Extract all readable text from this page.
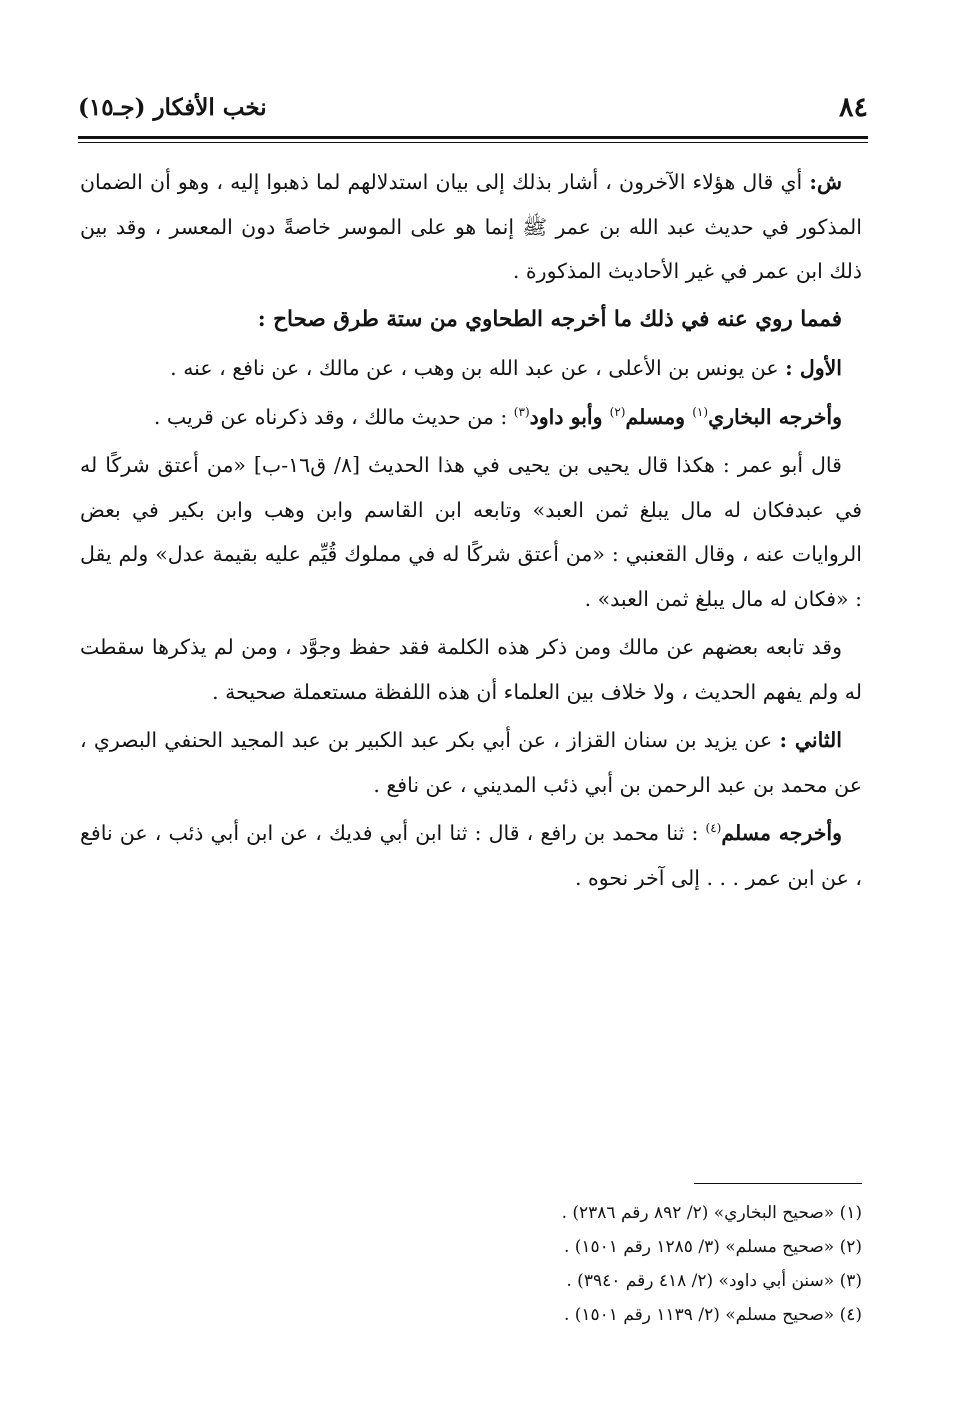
٨٤
نخب الأفكار (جـ١٥)

ش: أي قال هؤلاء الآخرون ، أشار بذلك إلى بيان استدلالهم لما ذهبوا إليه ، وهو أن الضمان المذكور في حديث عبد الله بن عمر ﷺ إنما هو على الموسر خاصةً دون المعسر ، وقد بين ذلك ابن عمر في غير الأحاديث المذكورة .

فمما روي عنه في ذلك ما أخرجه الطحاوي من ستة طرق صحاح :

الأول : عن يونس بن الأعلى ، عن عبد الله بن وهب ، عن مالك ، عن نافع ، عنه .

وأخرجه البخاري$^{(١)}$ ومسلم$^{(٢)}$ وأبو داود$^{(٣)}$ : من حديث مالك ، وقد ذكرناه عن قريب .

قال أبو عمر : هكذا قال يحيى بن يحيى في هذا الحديث [٨/ ق١٦-ب] «من أعتق شركًا له في عبدفكان له مال يبلغ ثمن العبد» وتابعه ابن القاسم وابن وهب وابن بكير في بعض الروايات عنه ، وقال القعنبي : «من أعتق شركًا له في مملوك قُيِّم عليه بقيمة عدل» ولم يقل : «فكان له مال يبلغ ثمن العبد» .

وقد تابعه بعضهم عن مالك ومن ذكر هذه الكلمة فقد حفظ وجوَّد ، ومن لم يذكرها سقطت له ولم يفهم الحديث ، ولا خلاف بين العلماء أن هذه اللفظة مستعملة صحيحة .

الثاني : عن يزيد بن سنان القزاز ، عن أبي بكر عبد الكبير بن عبد المجيد الحنفي البصري ، عن محمد بن عبد الرحمن بن أبي ذئب المديني ، عن نافع .

وأخرجه مسلم$^{(٤)}$ : ثنا محمد بن رافع ، قال : ثنا ابن أبي فديك ، عن ابن أبي ذئب ، عن نافع ، عن ابن عمر . . . إلى آخر نحوه .

(١) «صحيح البخاري» (٢/ ٨٩٢ رقم ٢٣٨٦) .

(٢) «صحيح مسلم» (٣/ ١٢٨٥ رقم ١٥٠١) .

(٣) «سنن أبي داود» (٢/ ٤١٨ رقم ٣٩٤٠) .

(٤) «صحيح مسلم» (٢/ ١١٣٩ رقم ١٥٠١) .
